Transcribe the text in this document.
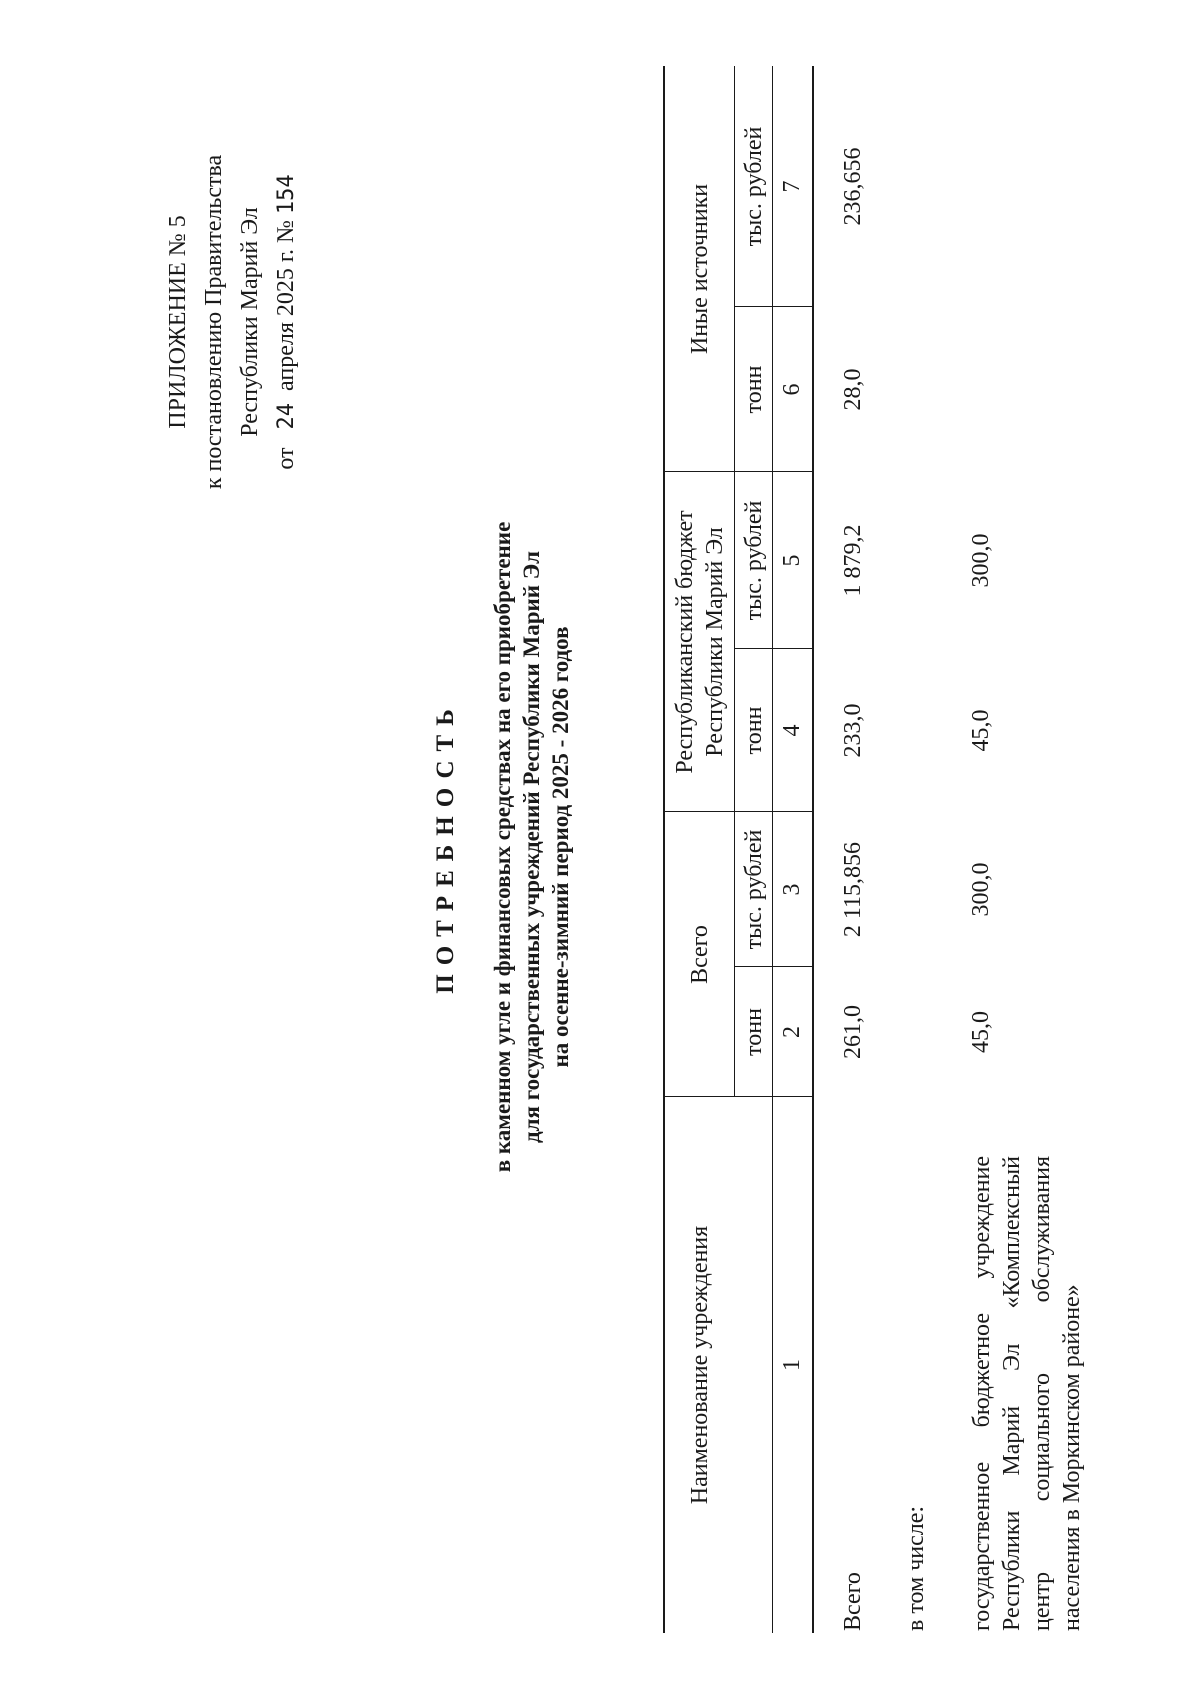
ПРИЛОЖЕНИЕ № 5 к постановлению Правительства Республики Марий Эл
от   24  апреля 2025 г. № 154
ПОТРЕБНОСТЬ в каменном угле и финансовых средствах на его приобретение для государственных учреждений Республики Марий Эл на осенне-зимний период 2025 - 2026 годов
Наименование учреждения
Всего
Республиканский бюджет Республики Марий Эл
Иные источники
тонн
тыс. рублей
тонн
тыс. рублей
тонн
тыс. рублей
1
2
3
4
5
6
7
Всего
261,0
2 115,856
233,0
1 879,2
28,0
236,656
в том числе: государственное бюджетное учреждение Республики Марий Эл «Комплексный центр социального обслуживания населения в Моркинском районе»
45,0
300,0
45,0
300,0
